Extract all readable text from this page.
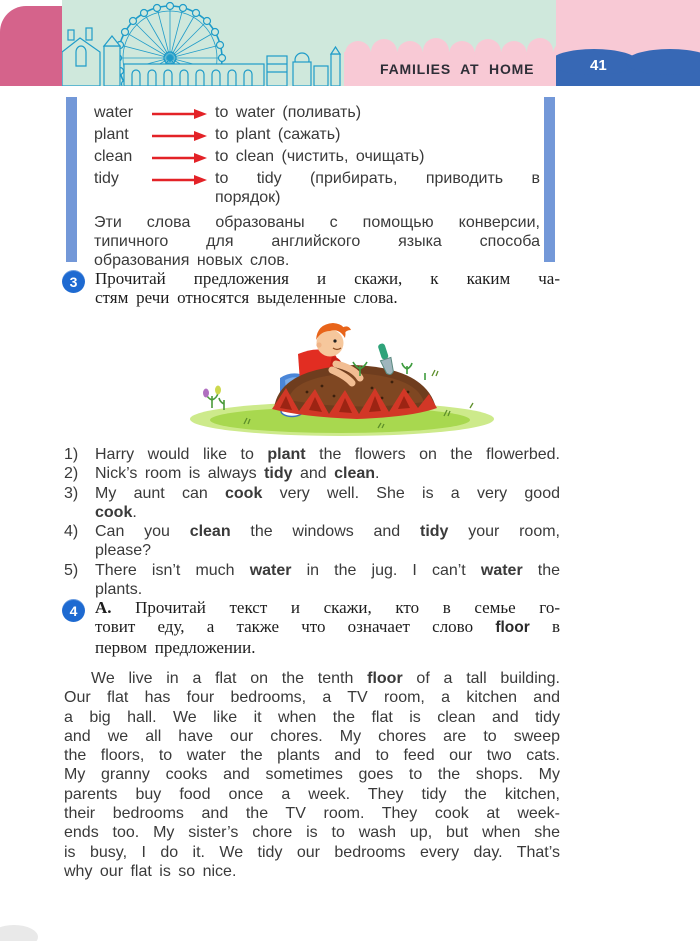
FAMILIES AT HOME	41
water	to water (поливать)
plant	to plant (сажать)
clean	to clean (чистить, очищать)
tidy	to tidy (прибирать, приводить в
порядок)
Эти слова образованы с помощью конверсии,
типичного для английского языка способа
образования новых слов.
3	Прочитай предложения и скажи, к каким ча-
стям речи относятся выделенные слова.
1)	Harry would like to plant the flowers on the flowerbed.
2)	Nick’s room is always tidy and clean.
3)	My aunt can cook very well. She is a very good
cook.
4)	Can you clean the windows and tidy your room,
please?
5)	There isn’t much water in the jug. I can’t water the
plants.
4	А. Прочитай текст и скажи, кто в семье го-
товит еду, а также что означает слово floor в
первом предложении.
We live in a flat on the tenth floor of a tall building.
Our flat has four bedrooms, a TV room, a kitchen and
a big hall. We like it when the flat is clean and tidy
and we all have our chores. My chores are to sweep
the floors, to water the plants and to feed our two cats.
My granny cooks and sometimes goes to the shops. My
parents buy food once a week. They tidy the kitchen,
their bedrooms and the TV room. They cook at week-
ends too. My sister’s chore is to wash up, but when she
is busy, I do it. We tidy our bedrooms every day. That’s
why our flat is so nice.
